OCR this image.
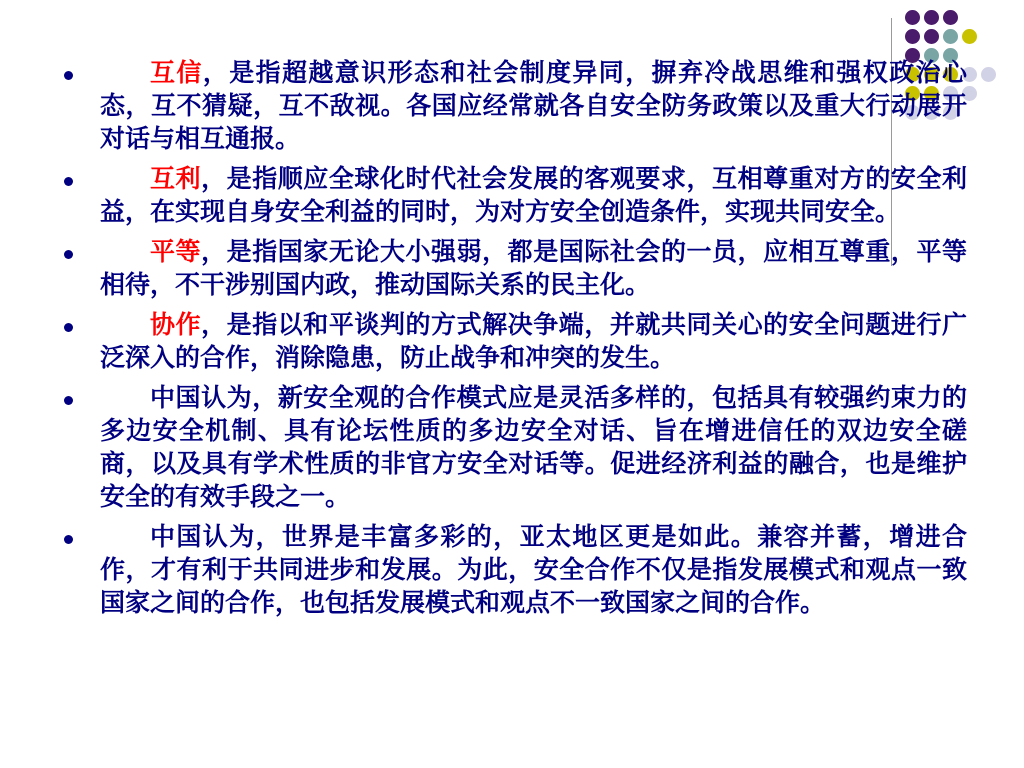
互信，是指超越意识形态和社会制度异同，摒弃冷战思维和强权政治心态，互不猜疑，互不敌视。各国应经常就各自安全防务政策以及重大行动展开对话与相互通报。
互利，是指顺应全球化时代社会发展的客观要求，互相尊重对方的安全利益，在实现自身安全利益的同时，为对方安全创造条件，实现共同安全。
平等，是指国家无论大小强弱，都是国际社会的一员，应相互尊重，平等相待，不干涉别国内政，推动国际关系的民主化。
协作，是指以和平谈判的方式解决争端，并就共同关心的安全问题进行广泛深入的合作，消除隐患，防止战争和冲突的发生。
中国认为，新安全观的合作模式应是灵活多样的，包括具有较强约束力的多边安全机制、具有论坛性质的多边安全对话、旨在增进信任的双边安全磋商，以及具有学术性质的非官方安全对话等。促进经济利益的融合，也是维护安全的有效手段之一。
中国认为，世界是丰富多彩的，亚太地区更是如此。兼容并蓄，增进合作，才有利于共同进步和发展。为此，安全合作不仅是指发展模式和观点一致国家之间的合作，也包括发展模式和观点不一致国家之间的合作。
